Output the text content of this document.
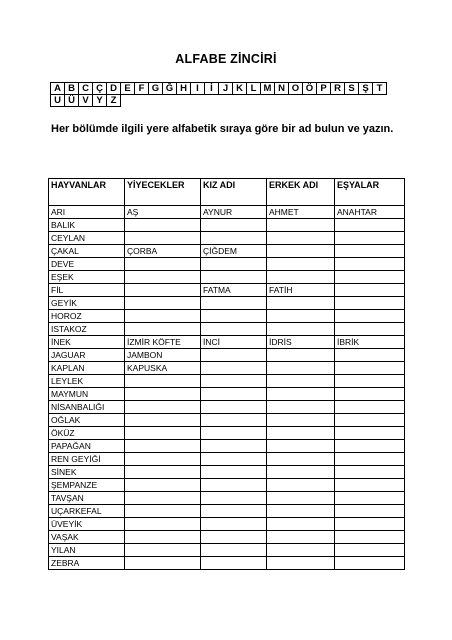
ALFABE ZİNCİRİ
A	B	C	Ç	D	E	F	G	Ğ	H	I	İ	J	K	L	M	N	O	Ö	P	R	S	Ş	T
U	Ü	V	Y	Z																			
Her bölümde ilgili yere alfabetik sıraya göre bir ad bulun ve yazın.
HAYVANLAR	YİYECEKLER	KIZ ADI	ERKEK ADI	EŞYALAR
ARI	AŞ	AYNUR	AHMET	ANAHTAR
BALIK				
CEYLAN				
ÇAKAL	ÇORBA	ÇİĞDEM		
DEVE				
EŞEK				
FİL		FATMA	FATİH	
GEYİK				
HOROZ				
ISTAKOZ				
İNEK	İZMİR KÖFTE	İNCİ	İDRİS	İBRİK
JAGUAR	JAMBON			
KAPLAN	KAPUSKA			
LEYLEK				
MAYMUN				
NİSANBALIĞI				
OĞLAK				
ÖKÜZ				
PAPAĞAN				
REN GEYİĞİ				
SİNEK				
ŞEMPANZE				
TAVŞAN				
UÇARKEFAL				
ÜVEYİK				
VAŞAK				
YILAN				
ZEBRA				
